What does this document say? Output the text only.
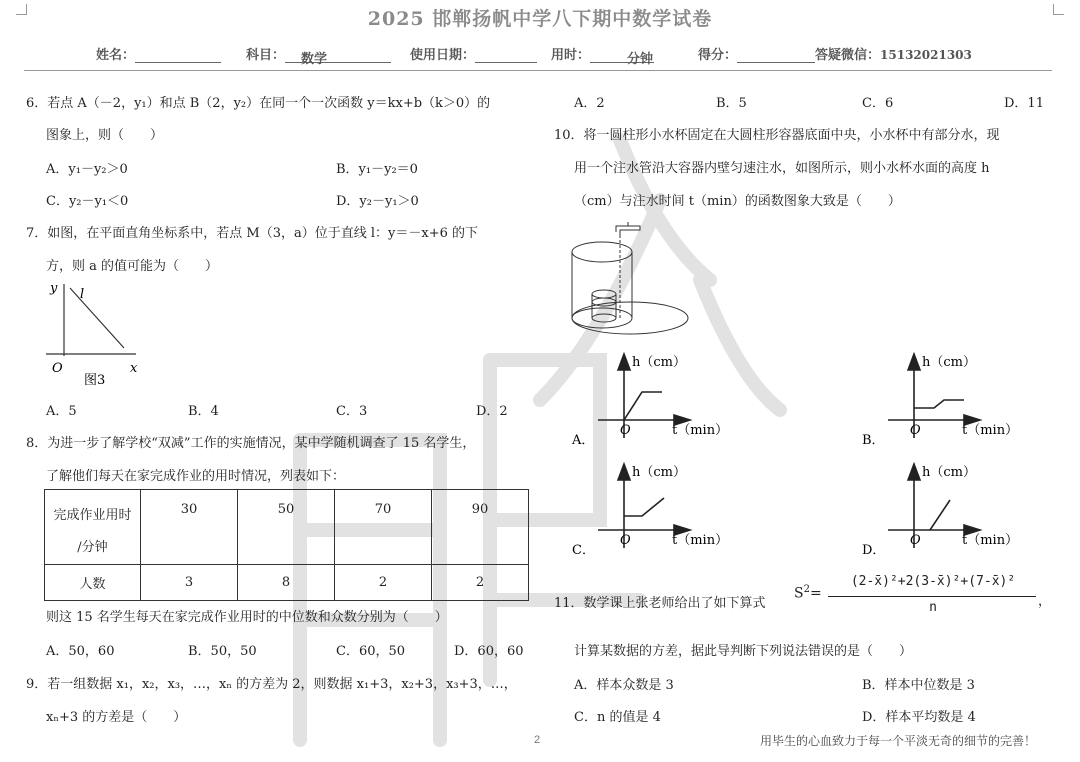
2025 邯郸扬帆中学八下期中数学试卷
姓名：	科目： 数学	使用日期：	用时：	分钟	得分：	答疑微信：15132021303
6．若点 A（－2，y₁）和点 B（2，y₂）在同一个一次函数 y＝kx+b（k＞0）的
图象上，则（　　）
A．y₁－y₂＞0	B．y₁－y₂＝0
C．y₂－y₁＜0	D．y₂－y₁＞0
7．如图，在平面直角坐标系中，若点 M（3，a）位于直线 l：y＝－x+6 的下
方，则 a 的值可能为（　　）
y l
O	x
图3
A．5	B．4	C．3	D．2
8．为进一步了解学校“双减”工作的实施情况，某中学随机调查了 15 名学生，
了解他们每天在家完成作业的用时情况，列表如下：
完成作业用时
/分钟	30	50	70	90
人数	3	8	2	2
则这 15 名学生每天在家完成作业用时的中位数和众数分别为（　　）
A．50，60	B．50，50	C．60，50	D．60，60
9．若一组数据 x₁，x₂，x₃，…，xₙ 的方差为 2，则数据 x₁+3，x₂+3，x₃+3，…，
xₙ+3 的方差是（　　）
A．2	B．5	C．6	D．11
10．将一圆柱形小水杯固定在大圆柱形容器底面中央，小水杯中有部分水，现
用一个注水管沿大容器内壁匀速注水，如图所示，则小水杯水面的高度 h
（cm）与注水时间 t（min）的函数图象大致是（　　）
h（cm）
O	t（min）
A．
h（cm）
O	t（min）
B．
h（cm）
O	t（min）
C．
h（cm）
O	t（min）
D．
11．数学课上张老师给出了如下算式
$S^2=$
(2-x̄)²+2(3-x̄)²+(7-x̄)²
n	，
计算某数据的方差，据此导判断下列说法错误的是（　　）
A．样本众数是 3	B．样本中位数是 3
C．n 的值是 4	D．样本平均数是 4
2	用毕生的心血致力于每一个平淡无奇的细节的完善！
